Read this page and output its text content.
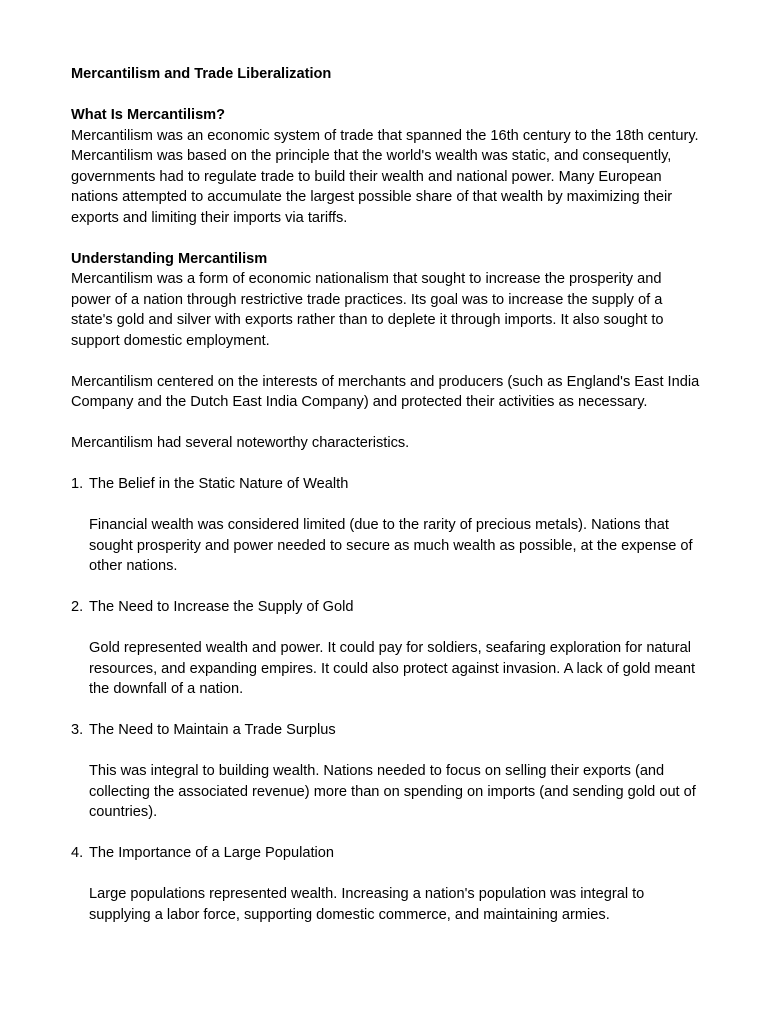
Mercantilism and Trade Liberalization
What Is Mercantilism?

Mercantilism was an economic system of trade that spanned the 16th century to the 18th century. Mercantilism was based on the principle that the world's wealth was static, and consequently, governments had to regulate trade to build their wealth and national power. Many European nations attempted to accumulate the largest possible share of that wealth by maximizing their exports and limiting their imports via tariffs.

Understanding Mercantilism

Mercantilism was a form of economic nationalism that sought to increase the prosperity and power of a nation through restrictive trade practices. Its goal was to increase the supply of a state's gold and silver with exports rather than to deplete it through imports. It also sought to support domestic employment.

Mercantilism centered on the interests of merchants and producers (such as England's East India Company and the Dutch East India Company) and protected their activities as necessary.

Mercantilism had several noteworthy characteristics.

1. The Belief in the Static Nature of Wealth

Financial wealth was considered limited (due to the rarity of precious metals). Nations that sought prosperity and power needed to secure as much wealth as possible, at the expense of other nations.

2. The Need to Increase the Supply of Gold

Gold represented wealth and power. It could pay for soldiers, seafaring exploration for natural resources, and expanding empires. It could also protect against invasion. A lack of gold meant the downfall of a nation.

3. The Need to Maintain a Trade Surplus

This was integral to building wealth. Nations needed to focus on selling their exports (and collecting the associated revenue) more than on spending on imports (and sending gold out of countries).

4. The Importance of a Large Population

Large populations represented wealth. Increasing a nation's population was integral to supplying a labor force, supporting domestic commerce, and maintaining armies.
